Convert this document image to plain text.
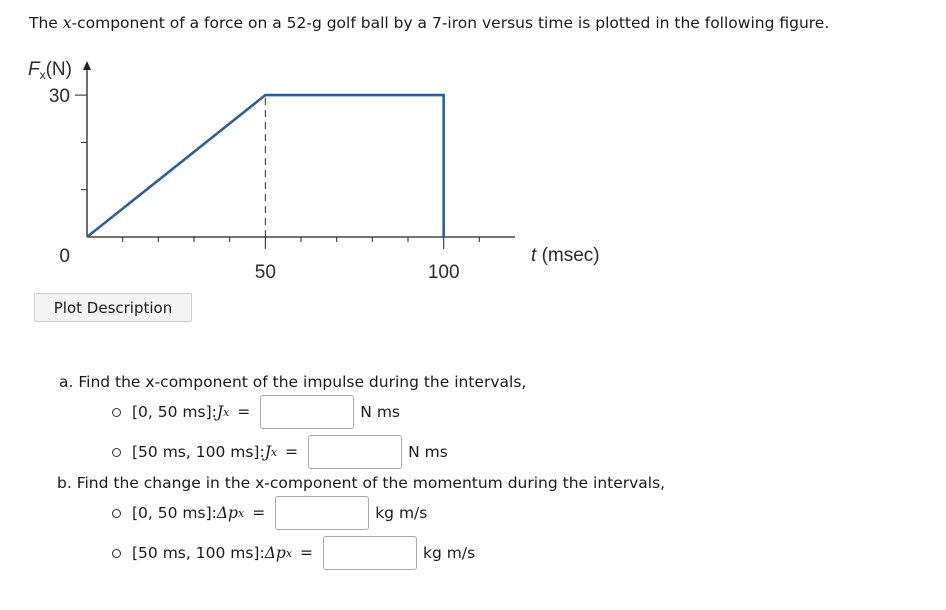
The x-component of a force on a 52-g golf ball by a 7-iron versus time is plotted in the following figure.
50	100
0
30
$F_x(N)$
t (msec)
Plot Description
a. Find the x-component of the impulse during the intervals,
[0, 50 ms]: J x =	N ms
[50 ms, 100 ms]: J x =	N ms
b. Find the change in the x-component of the momentum during the intervals,
[0, 50 ms]: Δp x =	kg m/s
[50 ms, 100 ms]: Δp x =	kg m/s
